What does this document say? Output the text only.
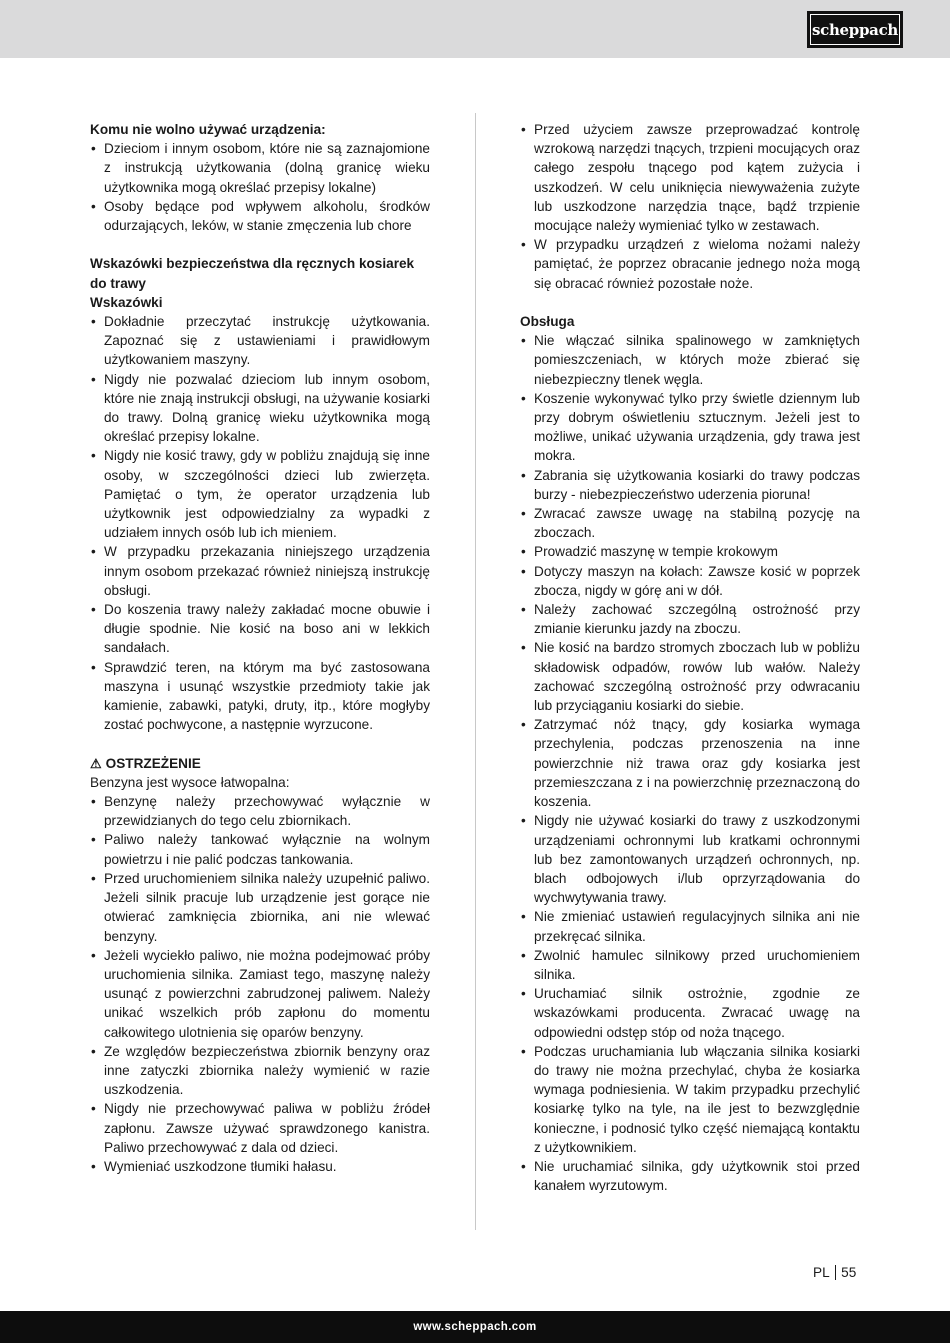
scheppach
Komu nie wolno używać urządzenia:
• Dzieciom i innym osobom, które nie są zaznajomione z instrukcją użytkowania (dolną granicę wieku użytkownika mogą określać przepisy lokalne)
• Osoby będące pod wpływem alkoholu, środków odurzających, leków, w stanie zmęczenia lub chore
Wskazówki bezpieczeństwa dla ręcznych kosiarek do trawy
Wskazówki
• Dokładnie przeczytać instrukcję użytkowania. Zapoznać się z ustawieniami i prawidłowym użytkowaniem maszyny.
• Nigdy nie pozwalać dzieciom lub innym osobom, które nie znają instrukcji obsługi, na używanie kosiarki do trawy. Dolną granicę wieku użytkownika mogą określać przepisy lokalne.
• Nigdy nie kosić trawy, gdy w pobliżu znajdują się inne osoby, w szczególności dzieci lub zwierzęta. Pamiętać o tym, że operator urządzenia lub użytkownik jest odpowiedzialny za wypadki z udziałem innych osób lub ich mieniem.
• W przypadku przekazania niniejszego urządzenia innym osobom przekazać również niniejszą instrukcję obsługi.
• Do koszenia trawy należy zakładać mocne obuwie i długie spodnie. Nie kosić na boso ani w lekkich sandałach.
• Sprawdzić teren, na którym ma być zastosowana maszyna i usunąć wszystkie przedmioty takie jak kamienie, zabawki, patyki, druty, itp., które mogłyby zostać pochwycone, a następnie wyrzucone.
⚠ OSTRZEŻENIE

Benzyna jest wysoce łatwopalna:

• Benzynę należy przechowywać wyłącznie w przewidzianych do tego celu zbiornikach.
• Paliwo należy tankować wyłącznie na wolnym powietrzu i nie palić podczas tankowania.
• Przed uruchomieniem silnika należy uzupełnić paliwo. Jeżeli silnik pracuje lub urządzenie jest gorące nie otwierać zamknięcia zbiornika, ani nie wlewać benzyny.
• Jeżeli wyciekło paliwo, nie można podejmować próby uruchomienia silnika. Zamiast tego, maszynę należy usunąć z powierzchni zabrudzonej paliwem. Należy unikać wszelkich prób zapłonu do momentu całkowitego ulotnienia się oparów benzyny.
• Ze względów bezpieczeństwa zbiornik benzyny oraz inne zatyczki zbiornika należy wymienić w razie uszkodzenia.
• Nigdy nie przechowywać paliwa w pobliżu źródeł zapłonu. Zawsze używać sprawdzonego kanistra. Paliwo przechowywać z dala od dzieci.
• Wymieniać uszkodzone tłumiki hałasu.
• Przed użyciem zawsze przeprowadzać kontrolę wzrokową narzędzi tnących, trzpieni mocujących oraz całego zespołu tnącego pod kątem zużycia i uszkodzeń. W celu uniknięcia niewyważenia zużyte lub uszkodzone narzędzia tnące, bądź trzpienie mocujące należy wymieniać tylko w zestawach.
• W przypadku urządzeń z wieloma nożami należy pamiętać, że poprzez obracanie jednego noża mogą się obracać również pozostałe noże.
Obsługa
• Nie włączać silnika spalinowego w zamkniętych pomieszczeniach, w których może zbierać się niebezpieczny tlenek węgla.
• Koszenie wykonywać tylko przy świetle dziennym lub przy dobrym oświetleniu sztucznym. Jeżeli jest to możliwe, unikać używania urządzenia, gdy trawa jest mokra.
• Zabrania się użytkowania kosiarki do trawy podczas burzy - niebezpieczeństwo uderzenia pioruna!
• Zwracać zawsze uwagę na stabilną pozycję na zboczach.
• Prowadzić maszynę w tempie krokowym
• Dotyczy maszyn na kołach: Zawsze kosić w poprzek zbocza, nigdy w górę ani w dół.
• Należy zachować szczególną ostrożność przy zmianie kierunku jazdy na zboczu.
• Nie kosić na bardzo stromych zboczach lub w pobliżu składowisk odpadów, rowów lub wałów. Należy zachować szczególną ostrożność przy odwracaniu lub przyciąganiu kosiarki do siebie.
• Zatrzymać nóż tnący, gdy kosiarka wymaga przechylenia, podczas przenoszenia na inne powierzchnie niż trawa oraz gdy kosiarka jest przemieszczana z i na powierzchnię przeznaczoną do koszenia.
• Nigdy nie używać kosiarki do trawy z uszkodzonymi urządzeniami ochronnymi lub kratkami ochronnymi lub bez zamontowanych urządzeń ochronnych, np. blach odbojowych i/lub oprzyrządowania do wychwytywania trawy.
• Nie zmieniać ustawień regulacyjnych silnika ani nie przekręcać silnika.
• Zwolnić hamulec silnikowy przed uruchomieniem silnika.
• Uruchamiać silnik ostrożnie, zgodnie ze wskazówkami producenta. Zwracać uwagę na odpowiedni odstęp stóp od noża tnącego.
• Podczas uruchamiania lub włączania silnika kosiarki do trawy nie można przechylać, chyba że kosiarka wymaga podniesienia. W takim przypadku przechylić kosiarkę tylko na tyle, na ile jest to bezwzględnie konieczne, i podnosić tylko część niemającą kontaktu z użytkownikiem.
• Nie uruchamiać silnika, gdy użytkownik stoi przed kanałem wyrzutowym.
PL 55
www.scheppach.com
